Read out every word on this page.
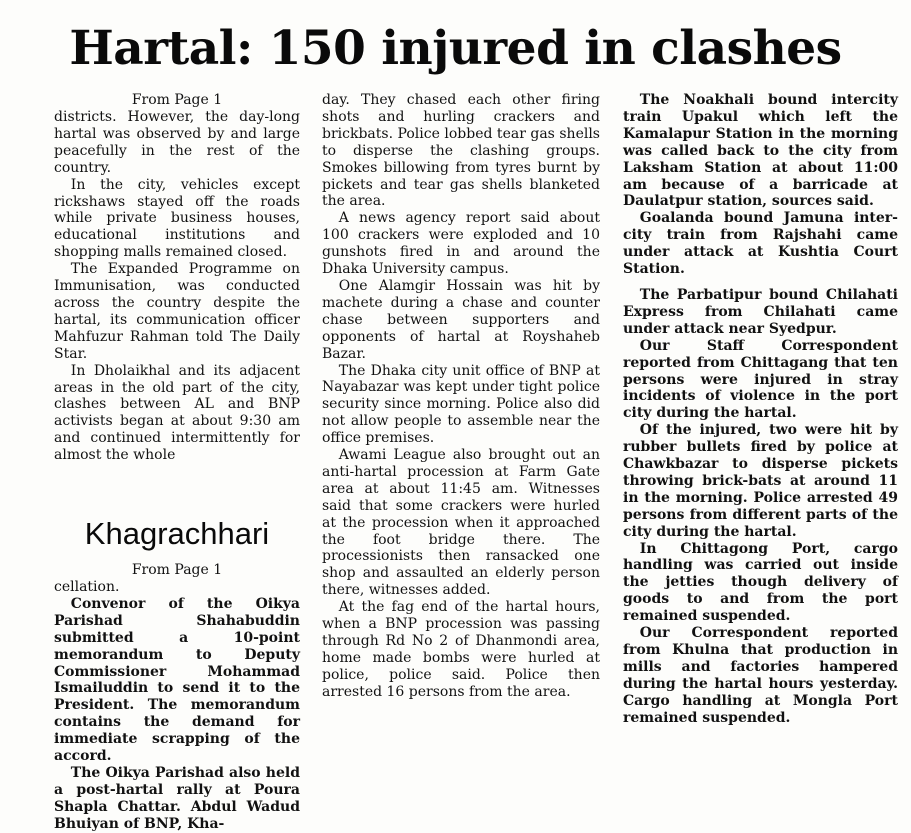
Hartal: 150 injured in clashes
From Page 1

districts. However, the day-long hartal was observed by and large peacefully in the rest of the country.

In the city, vehicles except rickshaws stayed off the roads while private business houses, educational institutions and shopping malls remained closed.

The Expanded Programme on Immunisation, was conducted across the country despite the hartal, its communication officer Mahfuzur Rahman told The Daily Star.

In Dholaikhal and its adjacent areas in the old part of the city, clashes between AL and BNP activists began at about 9:30 am and continued intermittently for almost the whole

day. They chased each other firing shots and hurling crackers and brickbats. Police lobbed tear gas shells to disperse the clashing groups. Smokes billowing from tyres burnt by pickets and tear gas shells blanketed the area.

A news agency report said about 100 crackers were exploded and 10 gunshots fired in and around the Dhaka University campus.

One Alamgir Hossain was hit by machete during a chase and counter chase between supporters and opponents of hartal at Royshaheb Bazar.

The Dhaka city unit office of BNP at Nayabazar was kept under tight police security since morning. Police also did not allow people to assemble near the office premises.

Awami League also brought out an anti-hartal procession at Farm Gate area at about 11:45 am. Witnesses said that some crackers were hurled at the procession when it approached the foot bridge there. The processionists then ransacked one shop and assaulted an elderly person there, witnesses added.

At the fag end of the hartal hours, when a BNP procession was passing through Rd No 2 of Dhanmondi area, home made bombs were hurled at police, police said. Police then arrested 16 persons from the area.

The Noakhali bound intercity train Upakul which left the Kamalapur Station in the morning was called back to the city from Laksham Station at about 11:00 am because of a barricade at Daulatpur station, sources said.

Goalanda bound Jamuna inter-city train from Rajshahi came under attack at Kushtia Court Station.

The Parbatipur bound Chilahati Express from Chilahati came under attack near Syedpur.

Our Staff Correspondent reported from Chittagang that ten persons were injured in stray incidents of violence in the port city during the hartal.

Of the injured, two were hit by rubber bullets fired by police at Chawkbazar to disperse pickets throwing brick-bats at around 11 in the morning. Police arrested 49 persons from different parts of the city during the hartal.

In Chittagong Port, cargo handling was carried out inside the jetties though delivery of goods to and from the port remained suspended.

Our Correspondent reported from Khulna that production in mills and factories hampered during the hartal hours yesterday. Cargo handling at Mongla Port remained suspended.

Khagrachhari
From Page 1

cellation.

Convenor of the Oikya Parishad Shahabuddin submitted a 10-point memorandum to Deputy Commissioner Mohammad Ismailuddin to send it to the President. The memorandum contains the demand for immediate scrapping of the accord.

The Oikya Parishad also held a post-hartal rally at Poura Shapla Chattar. Abdul Wadud Bhuiyan of BNP, Kha-
